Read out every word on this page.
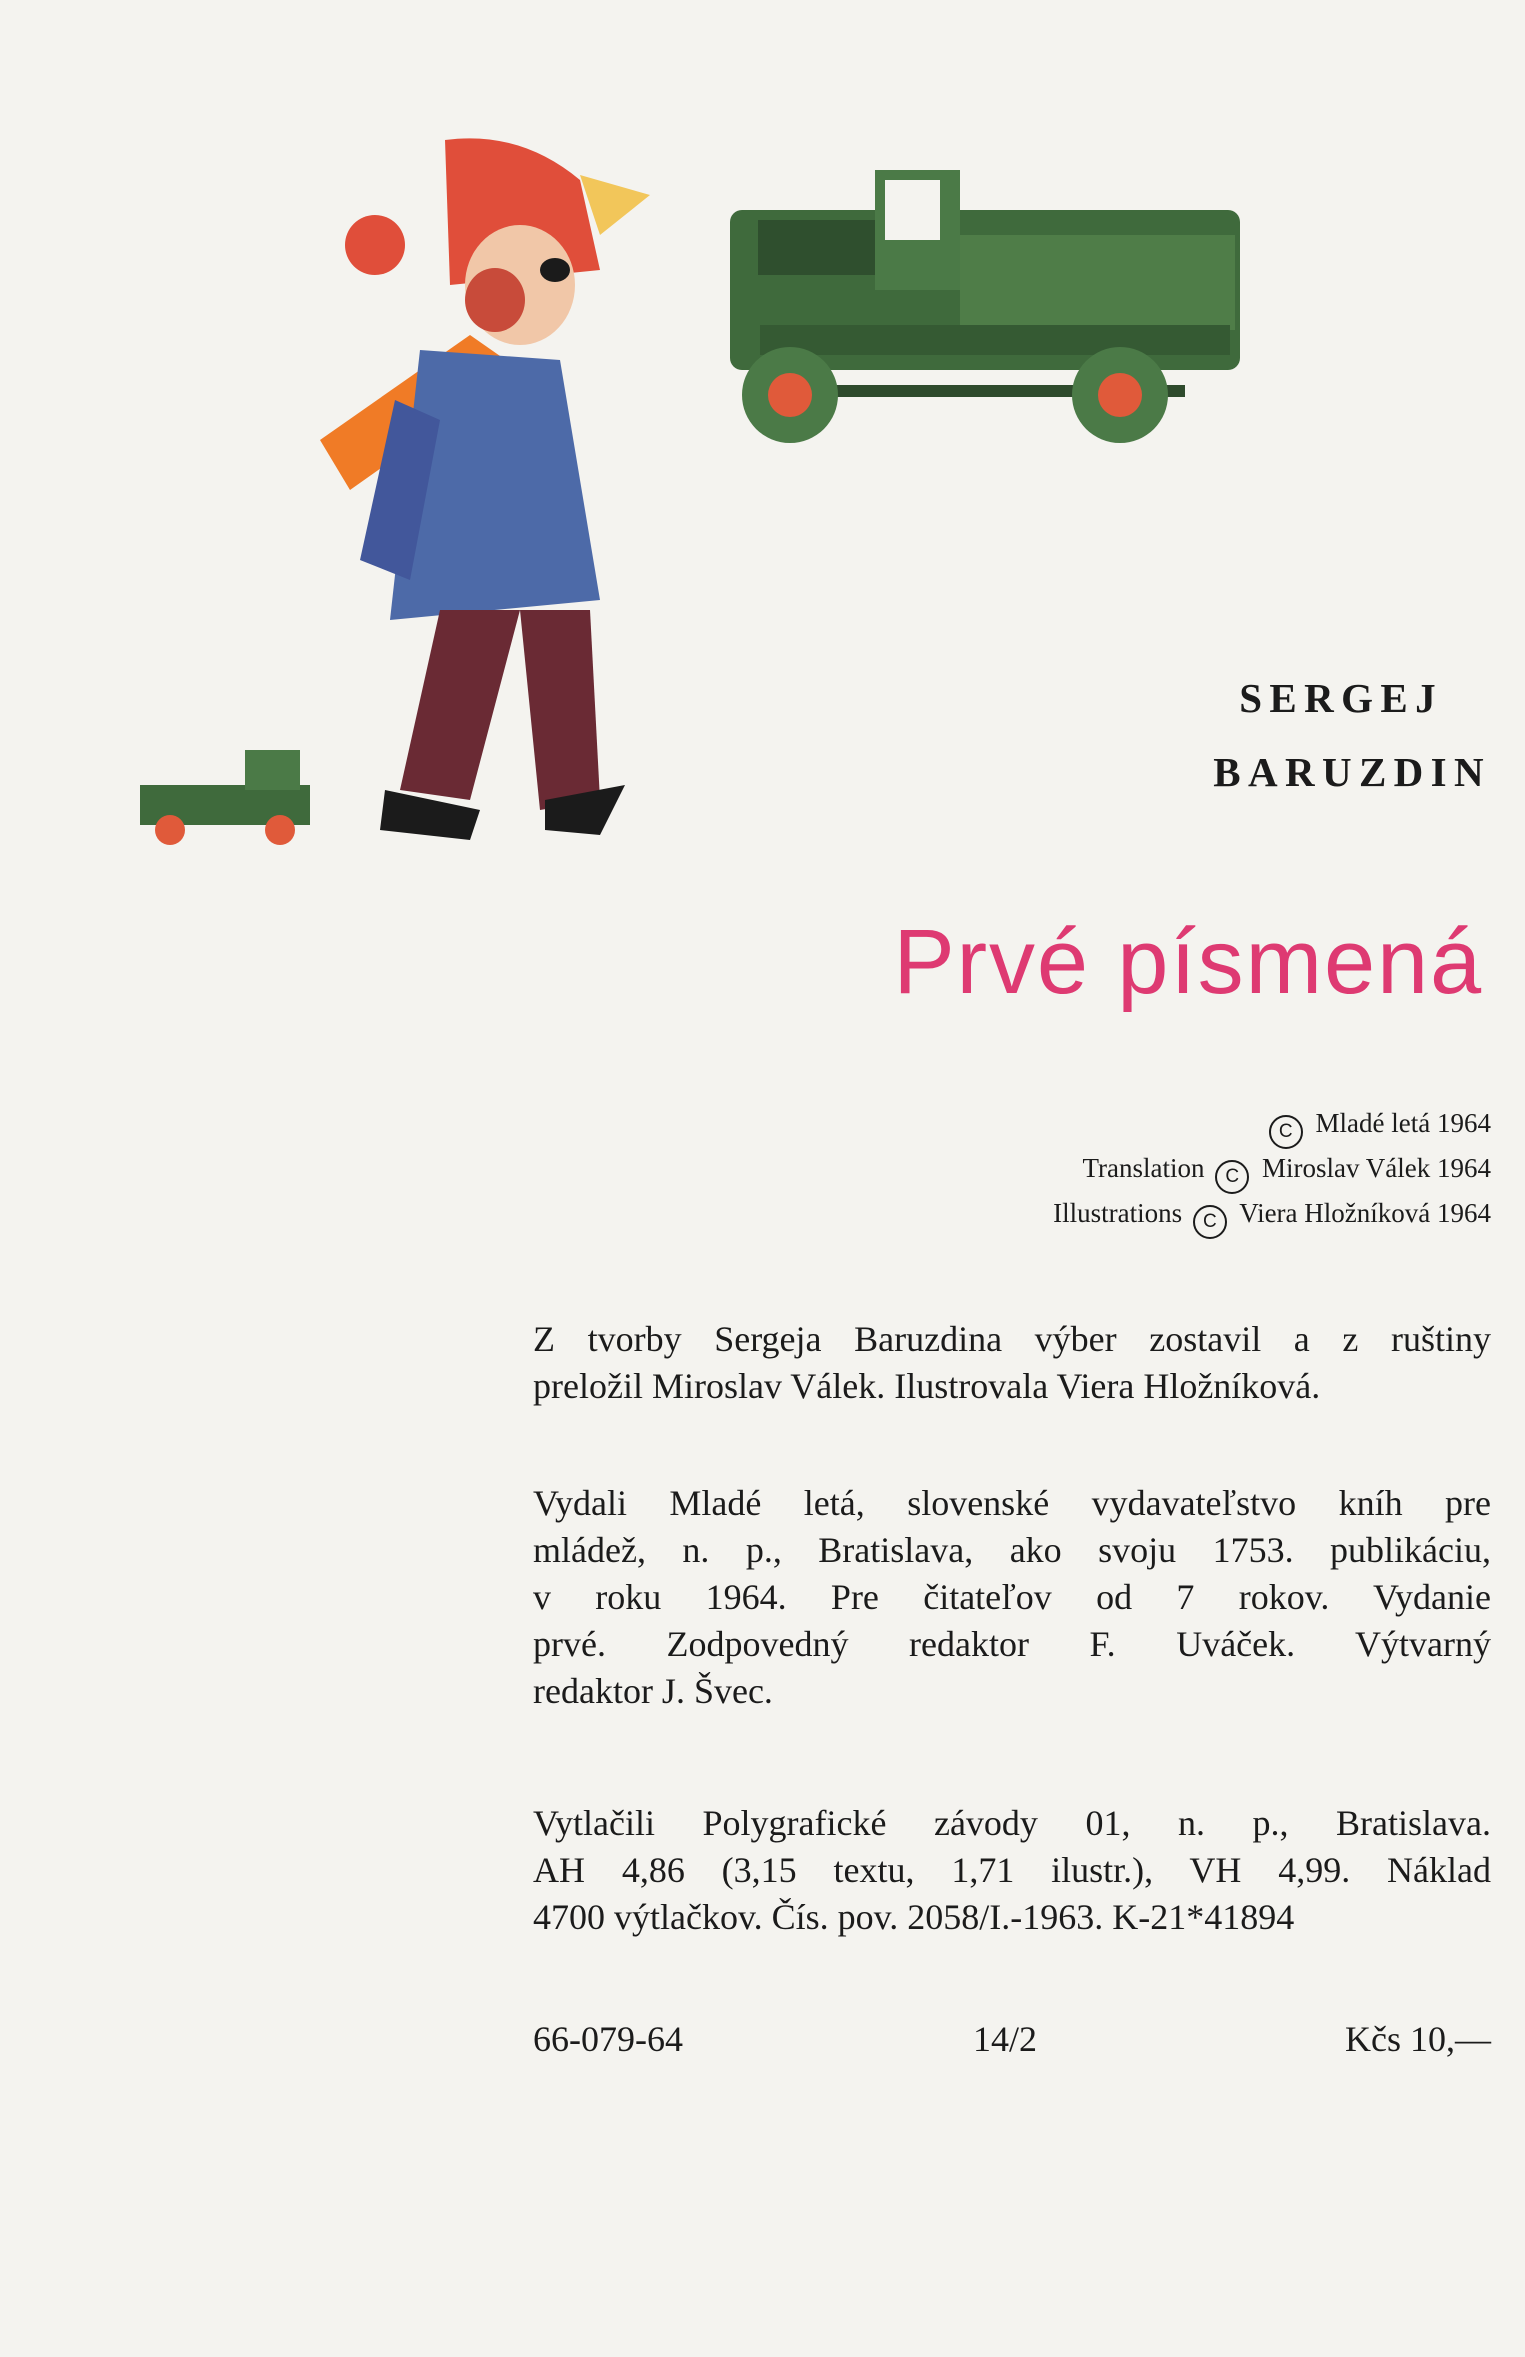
SERGEJ
BARUZDIN
Prvé písmená
C Mladé letá 1964
Translation C Miroslav Válek 1964
Illustrations C Viera Hložníková 1964
Z tvorby Sergeja Baruzdina výber zostavil a z ruštiny
preložil Miroslav Válek. Ilustrovala Viera Hložníková.
Vydali Mladé letá, slovenské vydavateľstvo kníh pre
mládež, n. p., Bratislava, ako svoju 1753. publikáciu,
v roku 1964. Pre čitateľov od 7 rokov. Vydanie
prvé. Zodpovedný redaktor F. Uváček. Výtvarný
redaktor J. Švec.
Vytlačili Polygrafické závody 01, n. p., Bratislava.
AH 4,86 (3,15 textu, 1,71 ilustr.), VH 4,99. Náklad
4700 výtlačkov. Čís. pov. 2058/I.-1963. K-21*41894
66-079-64	14/2	Kčs 10,—
